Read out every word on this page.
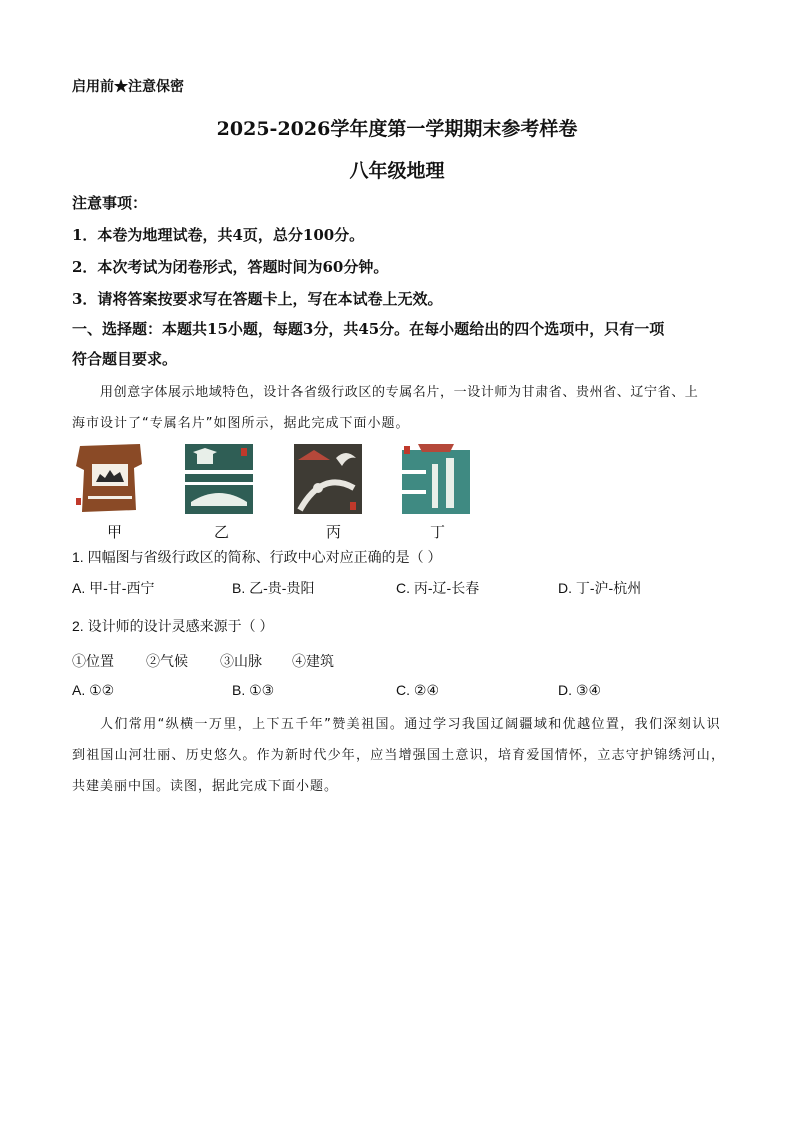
启用前★注意保密
2025-2026学年度第一学期期末参考样卷
八年级地理
注意事项：
1．本卷为地理试卷，共4页，总分100分。
2．本次考试为闭卷形式，答题时间为60分钟。
3．请将答案按要求写在答题卡上，写在本试卷上无效。
一、选择题：本题共15小题，每题3分，共45分。在每小题给出的四个选项中，只有一项
符合题目要求。
用创意字体展示地域特色，设计各省级行政区的专属名片，一设计师为甘肃省、贵州省、辽宁省、上
海市设计了“专属名片”如图所示，据此完成下面小题。
甲	乙	丙	丁
1. 四幅图与省级行政区的简称、行政中心对应正确的是（ ）
A. 甲-甘-西宁	B. 乙-贵-贵阳	C. 丙-辽-长春	D. 丁-沪-杭州
2. 设计师的设计灵感来源于（ ）
①位置 ②气候 ③山脉 ④建筑
A. ①②	B. ①③	C. ②④	D. ③④
人们常用“纵横一万里，上下五千年”赞美祖国。通过学习我国辽阔疆域和优越位置，我们深刻认识
到祖国山河壮丽、历史悠久。作为新时代少年，应当增强国土意识，培育爱国情怀，立志守护锦绣河山，
共建美丽中国。读图，据此完成下面小题。
